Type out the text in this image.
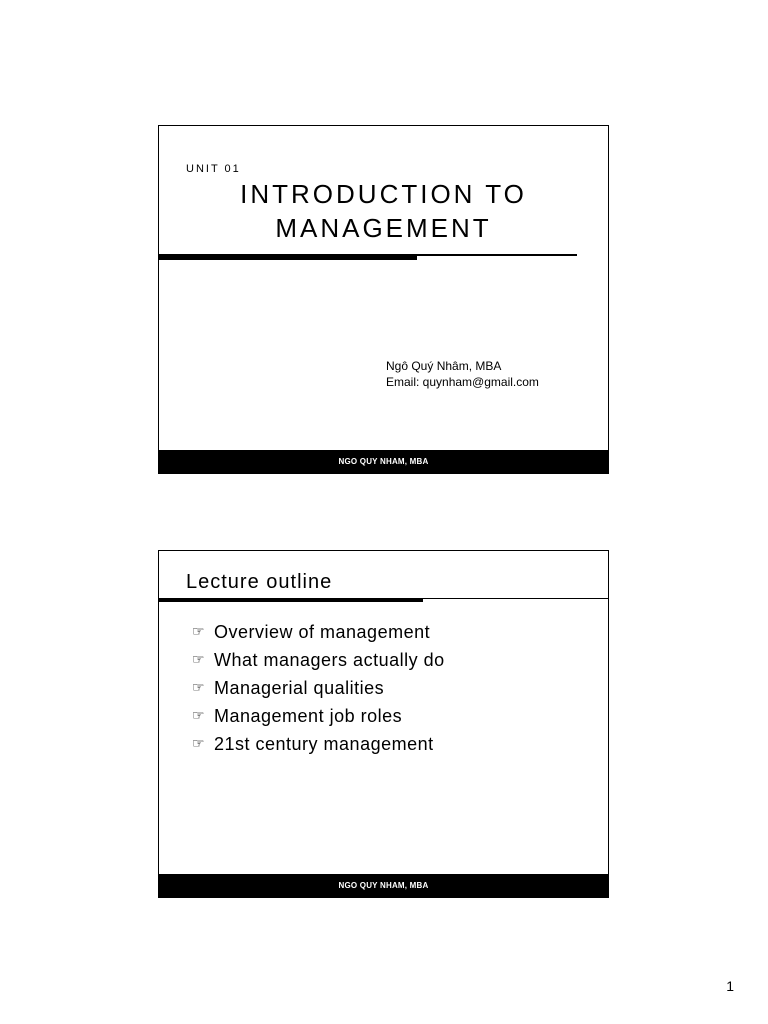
UNIT 01
INTRODUCTION TO
MANAGEMENT
Ngô Quý Nhâm, MBA
Email: quynham@gmail.com
NGO QUY NHAM, MBA
Lecture outline
☞ Overview of management
☞ What managers actually do
☞ Managerial qualities
☞ Management job roles
☞ 21st century management
NGO QUY NHAM, MBA
1
